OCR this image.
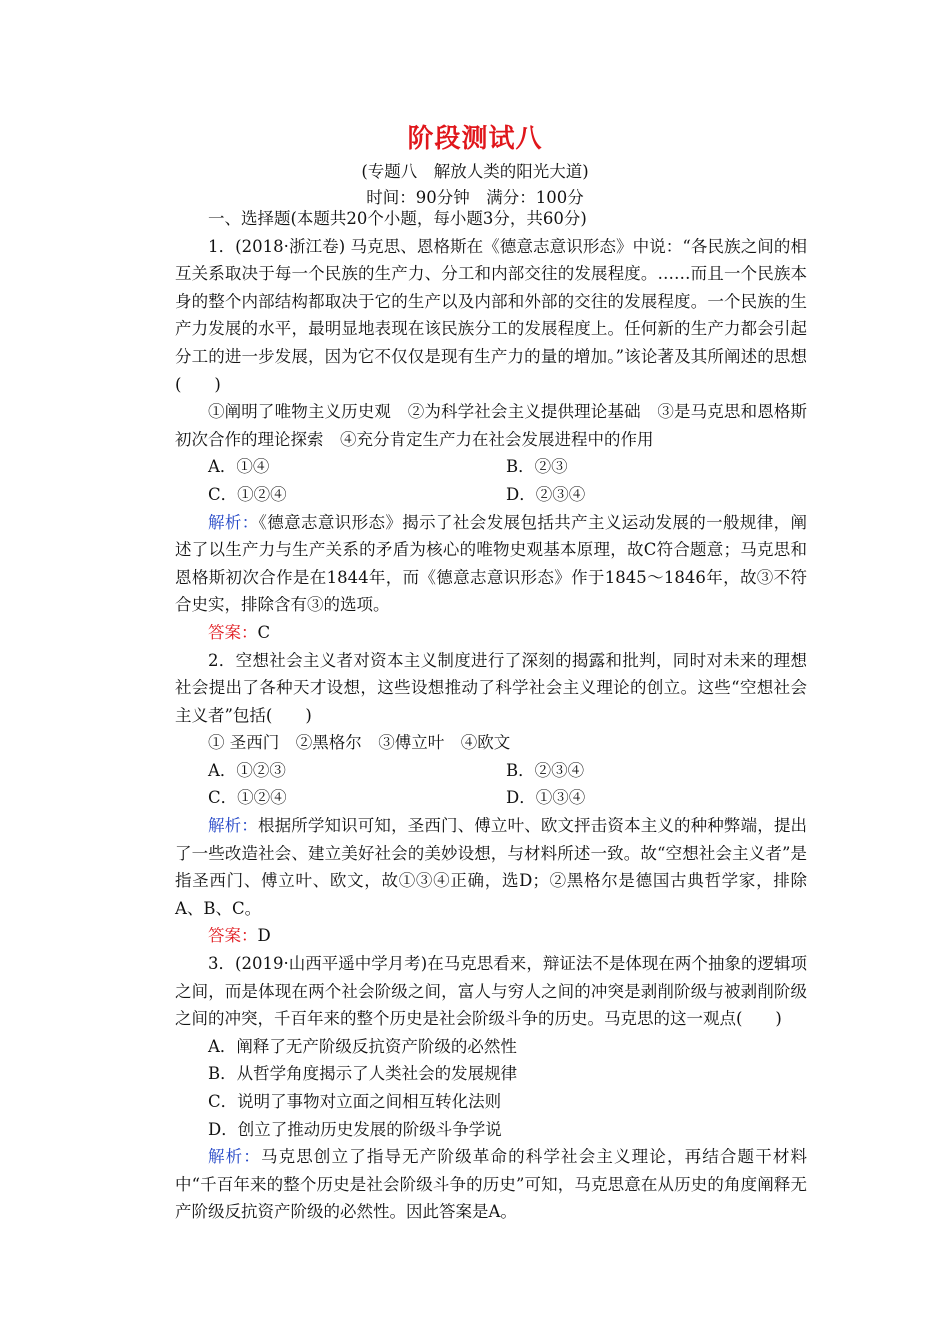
阶段测试八
(专题八　解放人类的阳光大道)
时间：90分钟　满分：100分

一、选择题(本题共20个小题，每小题3分，共60分)

1．(2018·浙江卷) 马克思、恩格斯在《德意志意识形态》中说：“各民族之间的相互关系取决于每一个民族的生产力、分工和内部交往的发展程度。……而且一个民族本身的整个内部结构都取决于它的生产以及内部和外部的交往的发展程度。一个民族的生产力发展的水平，最明显地表现在该民族分工的发展程度上。任何新的生产力都会引起分工的进一步发展，因为它不仅仅是现有生产力的量的增加。”该论著及其所阐述的思想(　　)

①阐明了唯物主义历史观　②为科学社会主义提供理论基础　③是马克思和恩格斯初次合作的理论探索　④充分肯定生产力在社会发展进程中的作用

A．①④	B．②③
C．①②④	D．②③④

解析：《德意志意识形态》揭示了社会发展包括共产主义运动发展的一般规律，阐述了以生产力与生产关系的矛盾为核心的唯物史观基本原理，故C符合题意；马克思和恩格斯初次合作是在1844年，而《德意志意识形态》作于1845～1846年，故③不符合史实，排除含有③的选项。

答案：C

2．空想社会主义者对资本主义制度进行了深刻的揭露和批判，同时对未来的理想社会提出了各种天才设想，这些设想推动了科学社会主义理论的创立。这些“空想社会主义者”包括(　　)

① 圣西门　②黑格尔　③傅立叶　④欧文

A．①②③	B．②③④
C．①②④	D．①③④

解析：根据所学知识可知，圣西门、傅立叶、欧文抨击资本主义的种种弊端，提出了一些改造社会、建立美好社会的美妙设想，与材料所述一致。故“空想社会主义者”是指圣西门、傅立叶、欧文，故①③④正确，选D；②黑格尔是德国古典哲学家，排除A、B、C。

答案：D

3．(2019·山西平遥中学月考)在马克思看来，辩证法不是体现在两个抽象的逻辑项之间，而是体现在两个社会阶级之间，富人与穷人之间的冲突是剥削阶级与被剥削阶级之间的冲突，千百年来的整个历史是社会阶级斗争的历史。马克思的这一观点(　　)

A．阐释了无产阶级反抗资产阶级的必然性

B．从哲学角度揭示了人类社会的发展规律

C．说明了事物对立面之间相互转化法则

D．创立了推动历史发展的阶级斗争学说

解析：马克思创立了指导无产阶级革命的科学社会主义理论，再结合题干材料中“千百年来的整个历史是社会阶级斗争的历史”可知，马克思意在从历史的角度阐释无产阶级反抗资产阶级的必然性。因此答案是A。
